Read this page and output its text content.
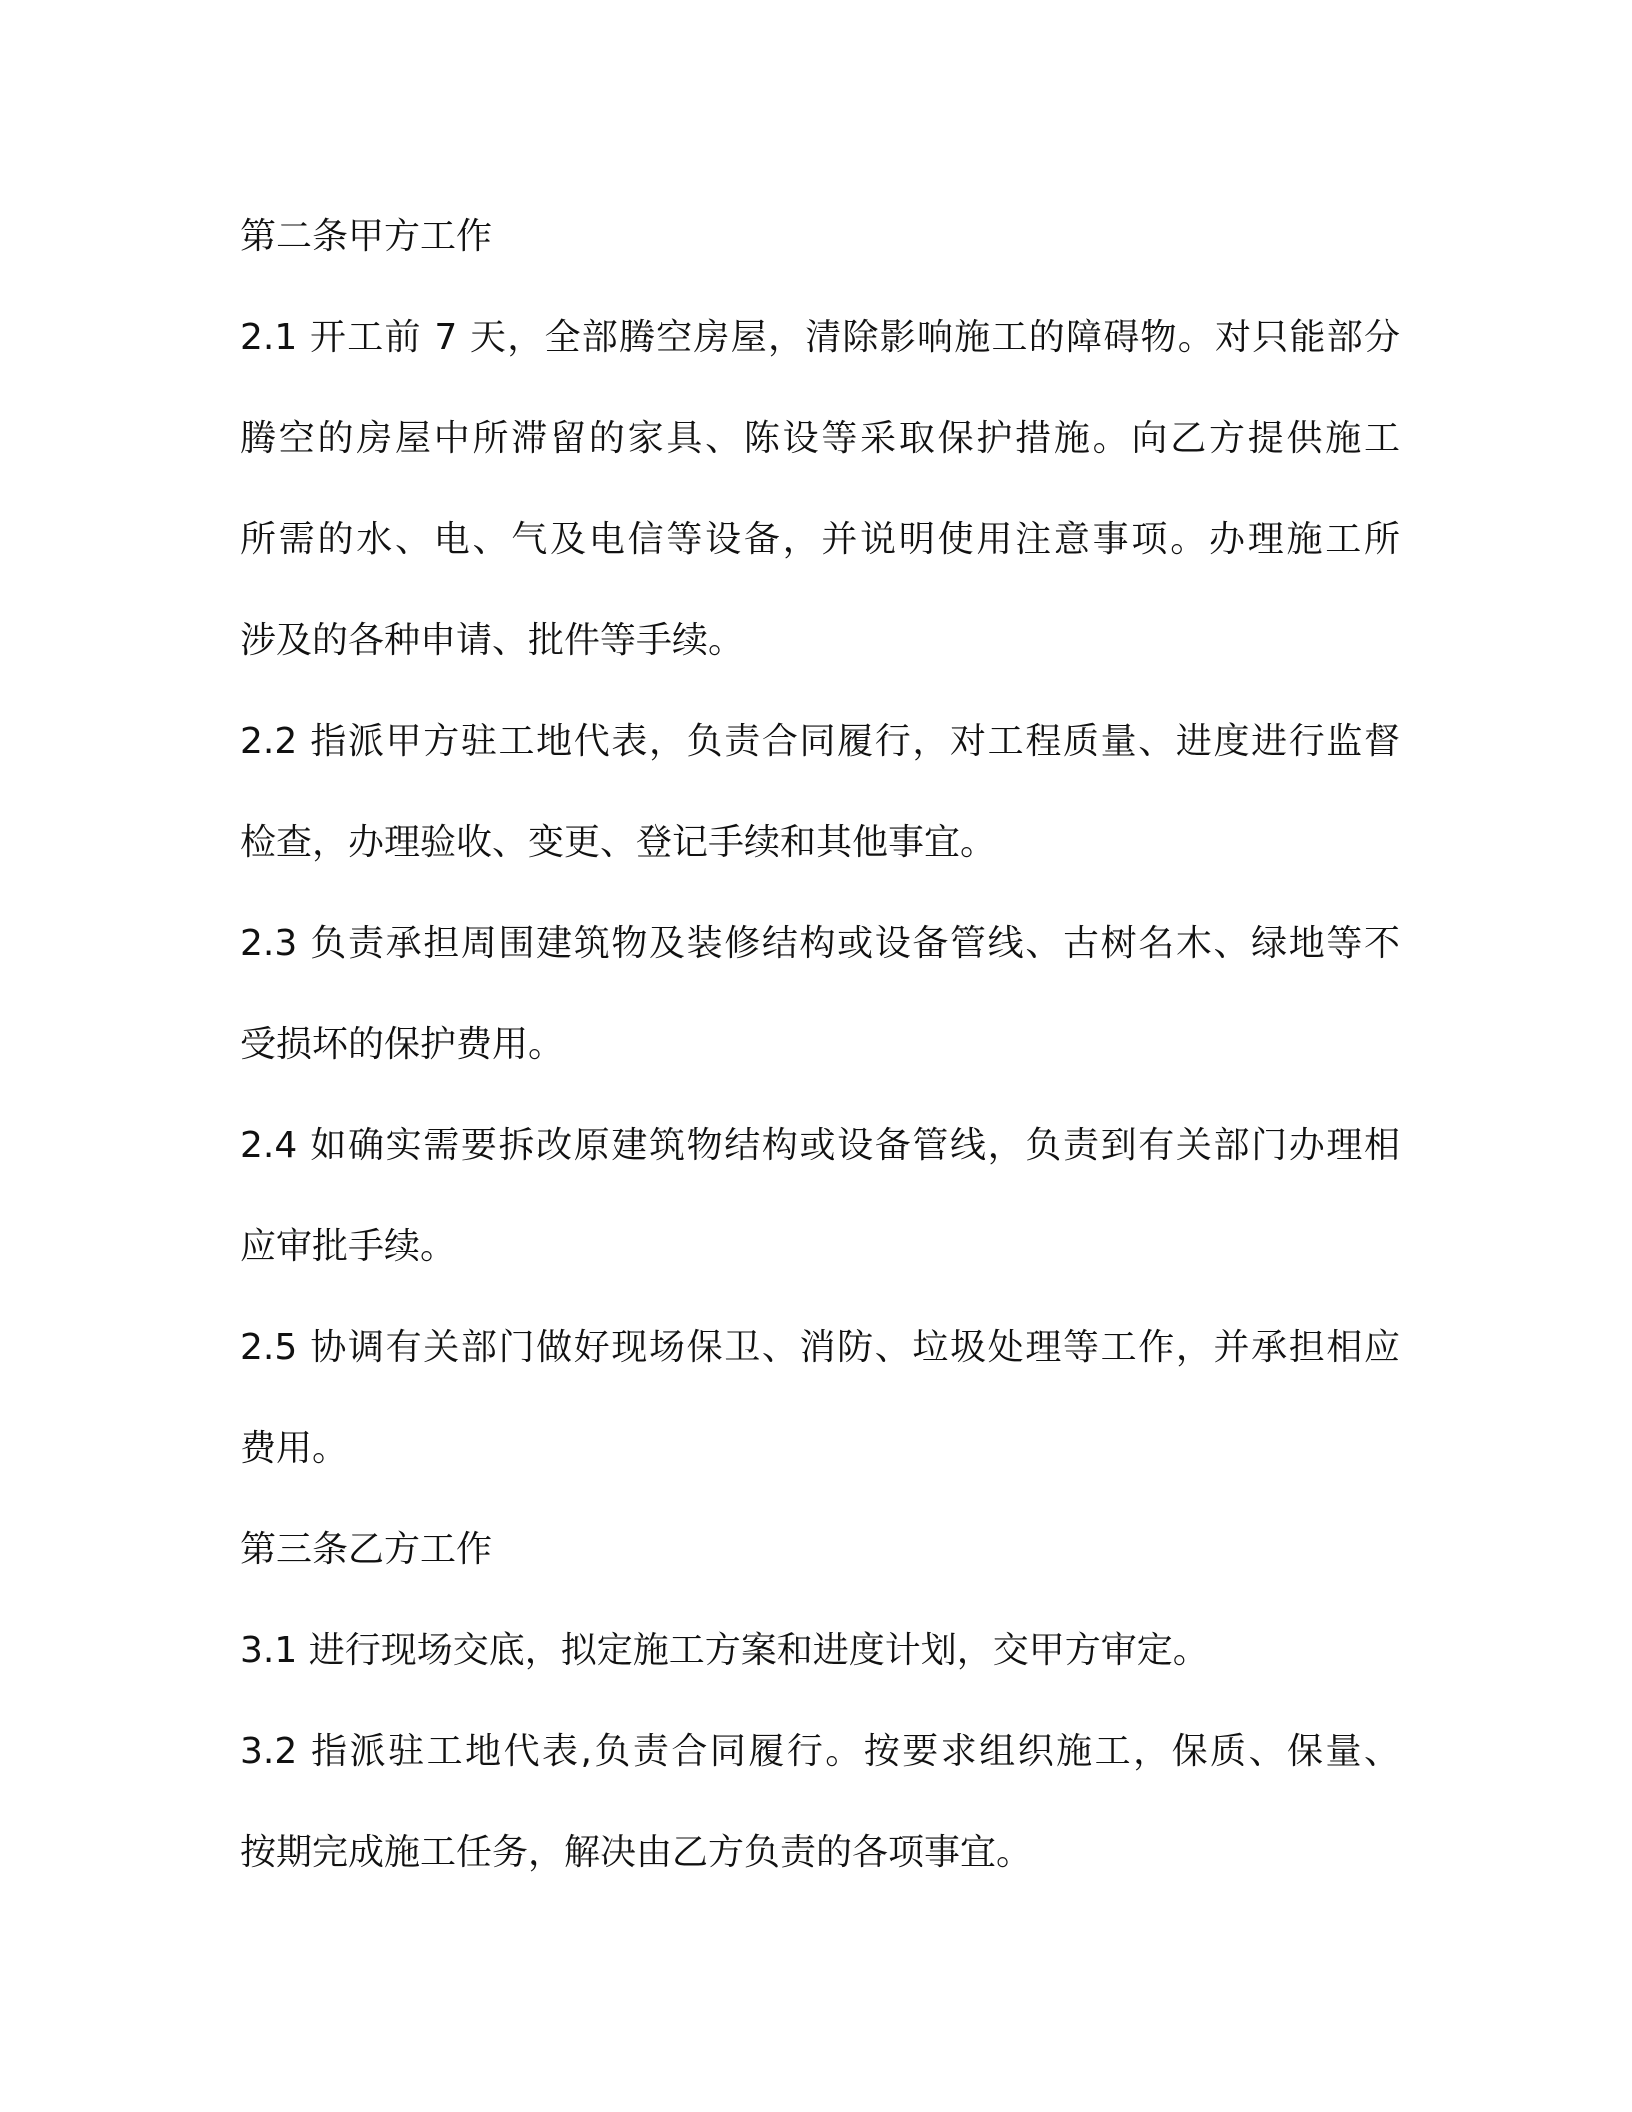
第二条甲方工作
2.1 开工前 7 天，全部腾空房屋，清除影响施工的障碍物。对只能部分
腾空的房屋中所滞留的家具、陈设等采取保护措施。向乙方提供施工
所需的水、电、气及电信等设备，并说明使用注意事项。办理施工所
涉及的各种申请、批件等手续。
2.2 指派甲方驻工地代表，负责合同履行，对工程质量、进度进行监督
检查，办理验收、变更、登记手续和其他事宜。
2.3 负责承担周围建筑物及装修结构或设备管线、古树名木、绿地等不
受损坏的保护费用。
2.4 如确实需要拆改原建筑物结构或设备管线，负责到有关部门办理相
应审批手续。
2.5 协调有关部门做好现场保卫、消防、垃圾处理等工作，并承担相应
费用。
第三条乙方工作
3.1 进行现场交底，拟定施工方案和进度计划，交甲方审定。
3.2 指派驻工地代表,负责合同履行。按要求组织施工，保质、保量、
按期完成施工任务，解决由乙方负责的各项事宜。
